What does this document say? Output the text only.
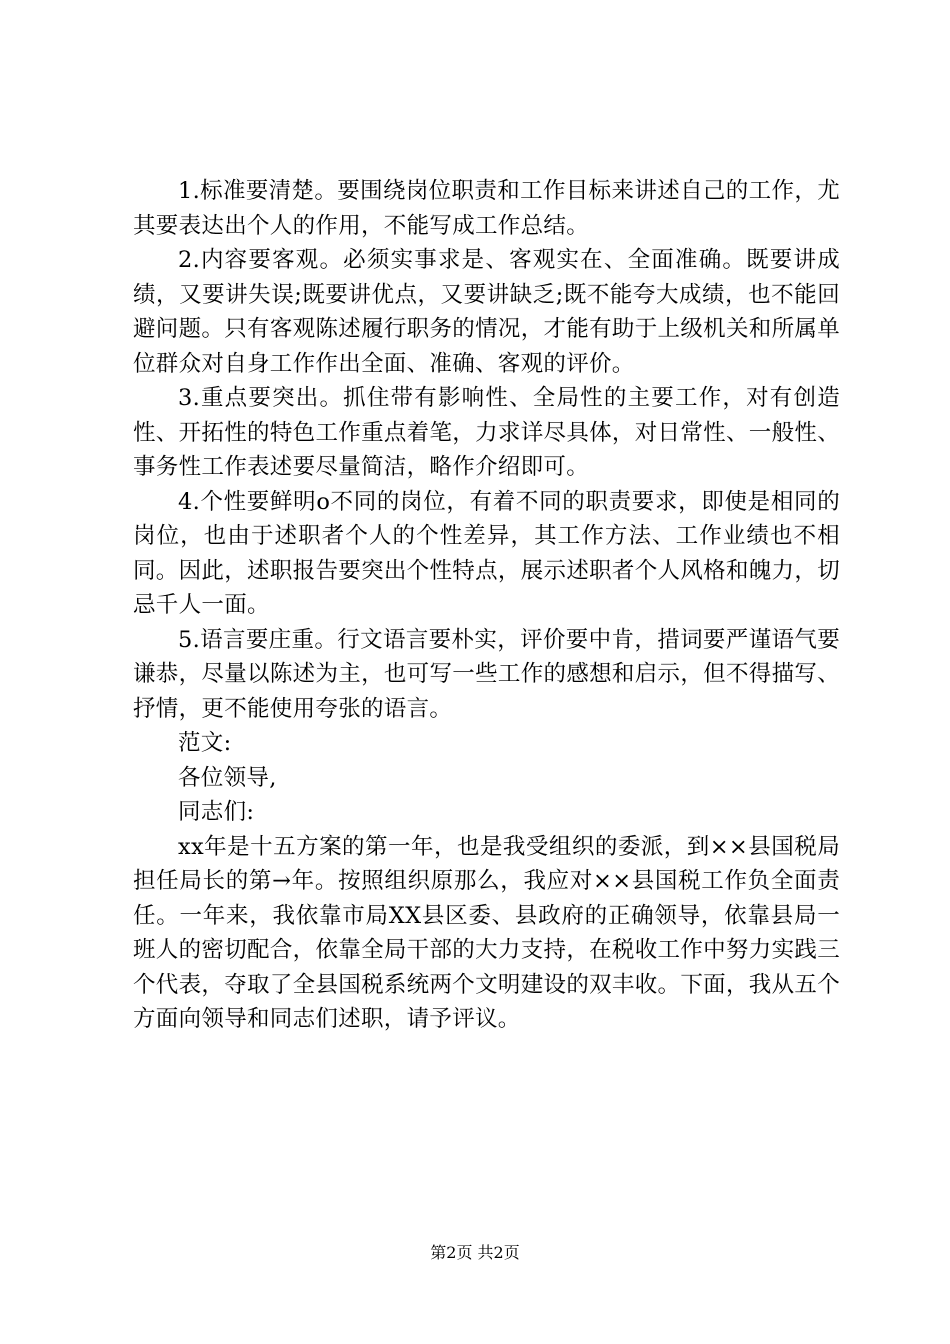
1.标准要清楚。要围绕岗位职责和工作目标来讲述自己的工作，尤其要表达出个人的作用，不能写成工作总结。

2.内容要客观。必须实事求是、客观实在、全面准确。既要讲成绩，又要讲失误;既要讲优点，又要讲缺乏;既不能夸大成绩，也不能回避问题。只有客观陈述履行职务的情况，才能有助于上级机关和所属单位群众对自身工作作出全面、准确、客观的评价。

3.重点要突出。抓住带有影响性、全局性的主要工作，对有创造性、开拓性的特色工作重点着笔，力求详尽具体，对日常性、一般性、事务性工作表述要尽量简洁，略作介绍即可。

4.个性要鲜明o不同的岗位，有着不同的职责要求，即使是相同的岗位，也由于述职者个人的个性差异，其工作方法、工作业绩也不相同。因此，述职报告要突出个性特点，展示述职者个人风格和魄力，切忌千人一面。

5.语言要庄重。行文语言要朴实，评价要中肯，措词要严谨语气要谦恭，尽量以陈述为主，也可写一些工作的感想和启示，但不得描写、抒情，更不能使用夸张的语言。

范文:

各位领导,

同志们:

xx年是十五方案的第一年，也是我受组织的委派，到××县国税局担任局长的第→年。按照组织原那么，我应对××县国税工作负全面责任。一年来，我依靠市局XX县区委、县政府的正确领导，依靠县局一班人的密切配合，依靠全局干部的大力支持，在税收工作中努力实践三个代表，夺取了全县国税系统两个文明建设的双丰收。下面，我从五个方面向领导和同志们述职，请予评议。

第2页 共2页
